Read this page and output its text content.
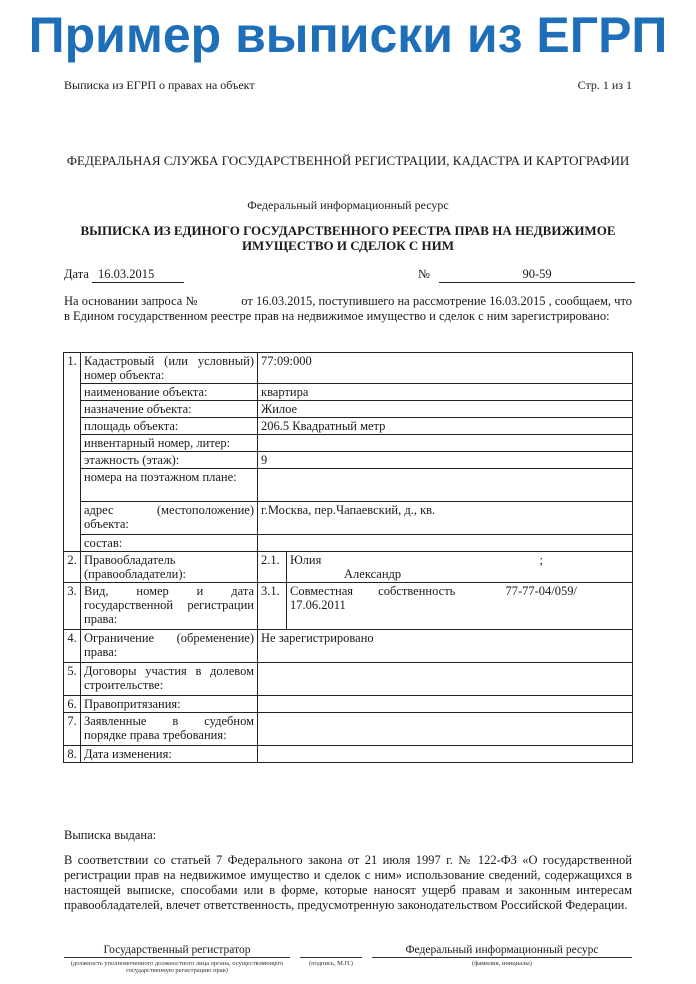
Пример выписки из ЕГРП
Выписка из ЕГРП о правах на объект	Стр. 1 из 1
ФЕДЕРАЛЬНАЯ СЛУЖБА ГОСУДАРСТВЕННОЙ РЕГИСТРАЦИИ, КАДАСТРА И КАРТОГРАФИИ
Федеральный информационный ресурс
ВЫПИСКА ИЗ ЕДИНОГО ГОСУДАРСТВЕННОГО РЕЕСТРА ПРАВ НА НЕДВИЖИМОЕ ИМУЩЕСТВО И СДЕЛОК С НИМ
Дата 16.03.2015	№	90-59
На основании запроса №              от 16.03.2015, поступившего на рассмотрение 16.03.2015 , сообщаем, что в Едином государственном реестре прав на недвижимое имущество и сделок с ним зарегистрировано:
1.	Кадастровый (или условный) номер объекта:	77:09:000	
	наименование объекта:	квартира	
	назначение объекта:	Жилое	
	площадь объекта:	206.5 Квадратный метр	
	инвентарный номер, литер:		
	этажность (этаж):	9	
	номера на поэтажном плане:		
	адрес (местоположение) объекта:	г.Москва, пер.Чапаевский, д., кв.	
	состав:		
2.	Правообладатель (правообладатели):	2.1.	Юлия ;
Александр

3.	Вид, номер и дата государственной регистрации права:	3.1.	Совместная собственность 77-77-04/059/
17.06.2011

4.	Ограничение (обременение) права:	Не зарегистрировано	
5.	Договоры участия в долевом строительстве:		
6.	Правопритязания:		
7.	Заявленные в судебном порядке права требования:		
8.	Дата изменения:		
Выписка выдана:
В соответствии со статьей 7 Федерального закона от 21 июля 1997 г. № 122-ФЗ «О государственной регистрации прав на недвижимое имущество и сделок с ним» использование сведений, содержащихся в настоящей выписке, способами или в форме, которые наносят ущерб правам и законным интересам правообладателей, влечет ответственность, предусмотренную законодательством Российской Федерации.
Государственный регистратор
(должность уполномоченного должностного лица органа, осуществляющего государственную регистрацию прав)
(подпись, М.П.)
Федеральный информационный ресурс
(фамилия, инициалы)
